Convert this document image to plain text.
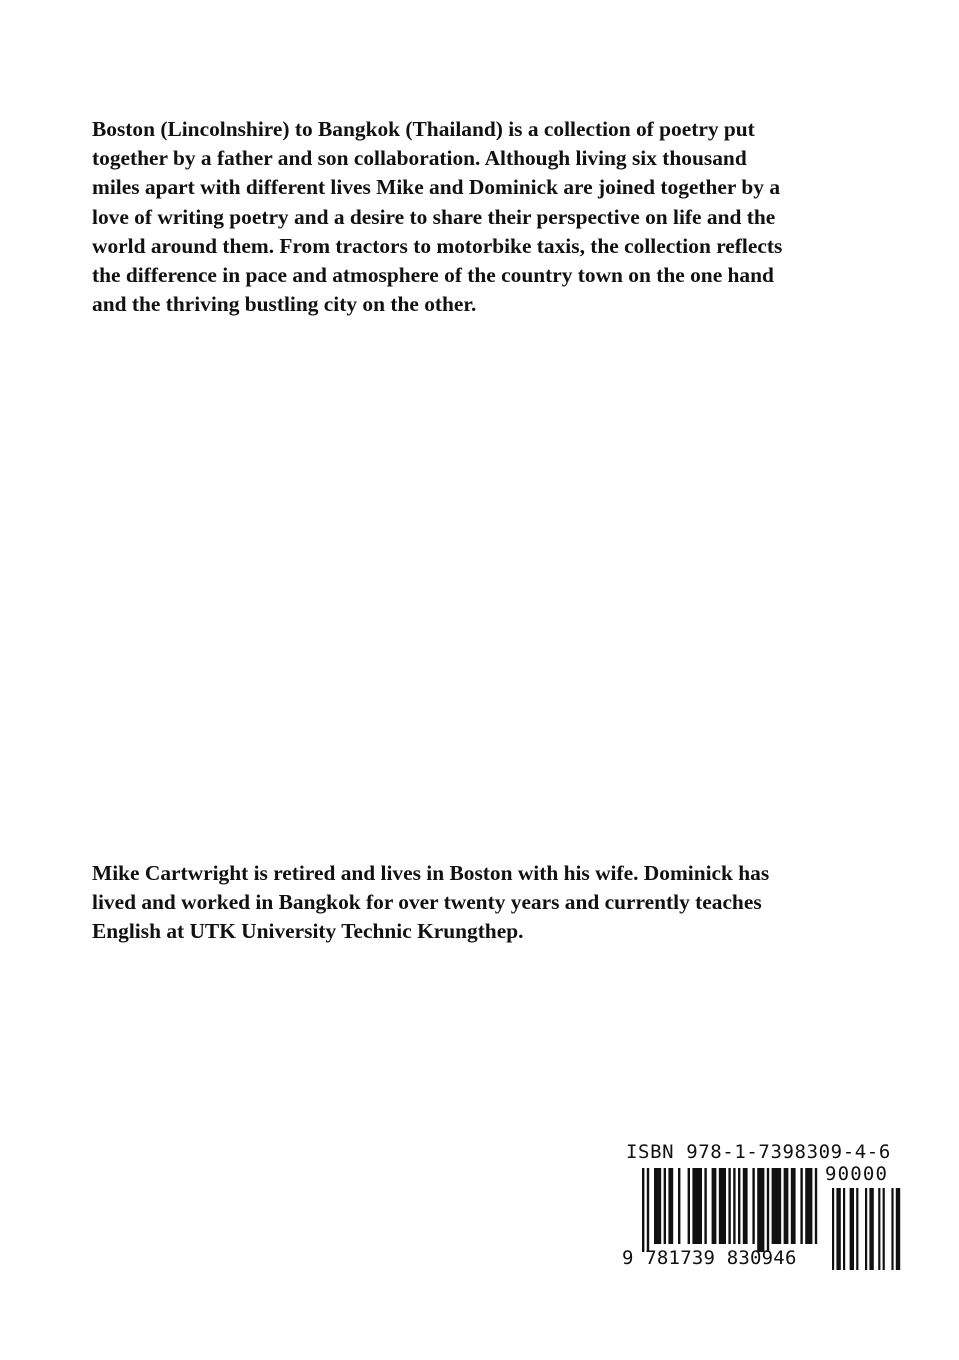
Boston (Lincolnshire) to Bangkok (Thailand) is a collection of poetry put
together by a father and son collaboration. Although living six thousand
miles apart with different lives Mike and Dominick are joined together by a
love of writing poetry and a desire to share their perspective on life and the
world around them. From tractors to motorbike taxis, the collection reflects
the difference in pace and atmosphere of the country town on the one hand
and the thriving bustling city on the other.

Mike Cartwright is retired and lives in Boston with his wife. Dominick has
lived and worked in Bangkok for over twenty years and currently teaches
English at UTK University Technic Krungthep.

ISBN 978-1-7398309-4-6
90000
9 781739 830946
